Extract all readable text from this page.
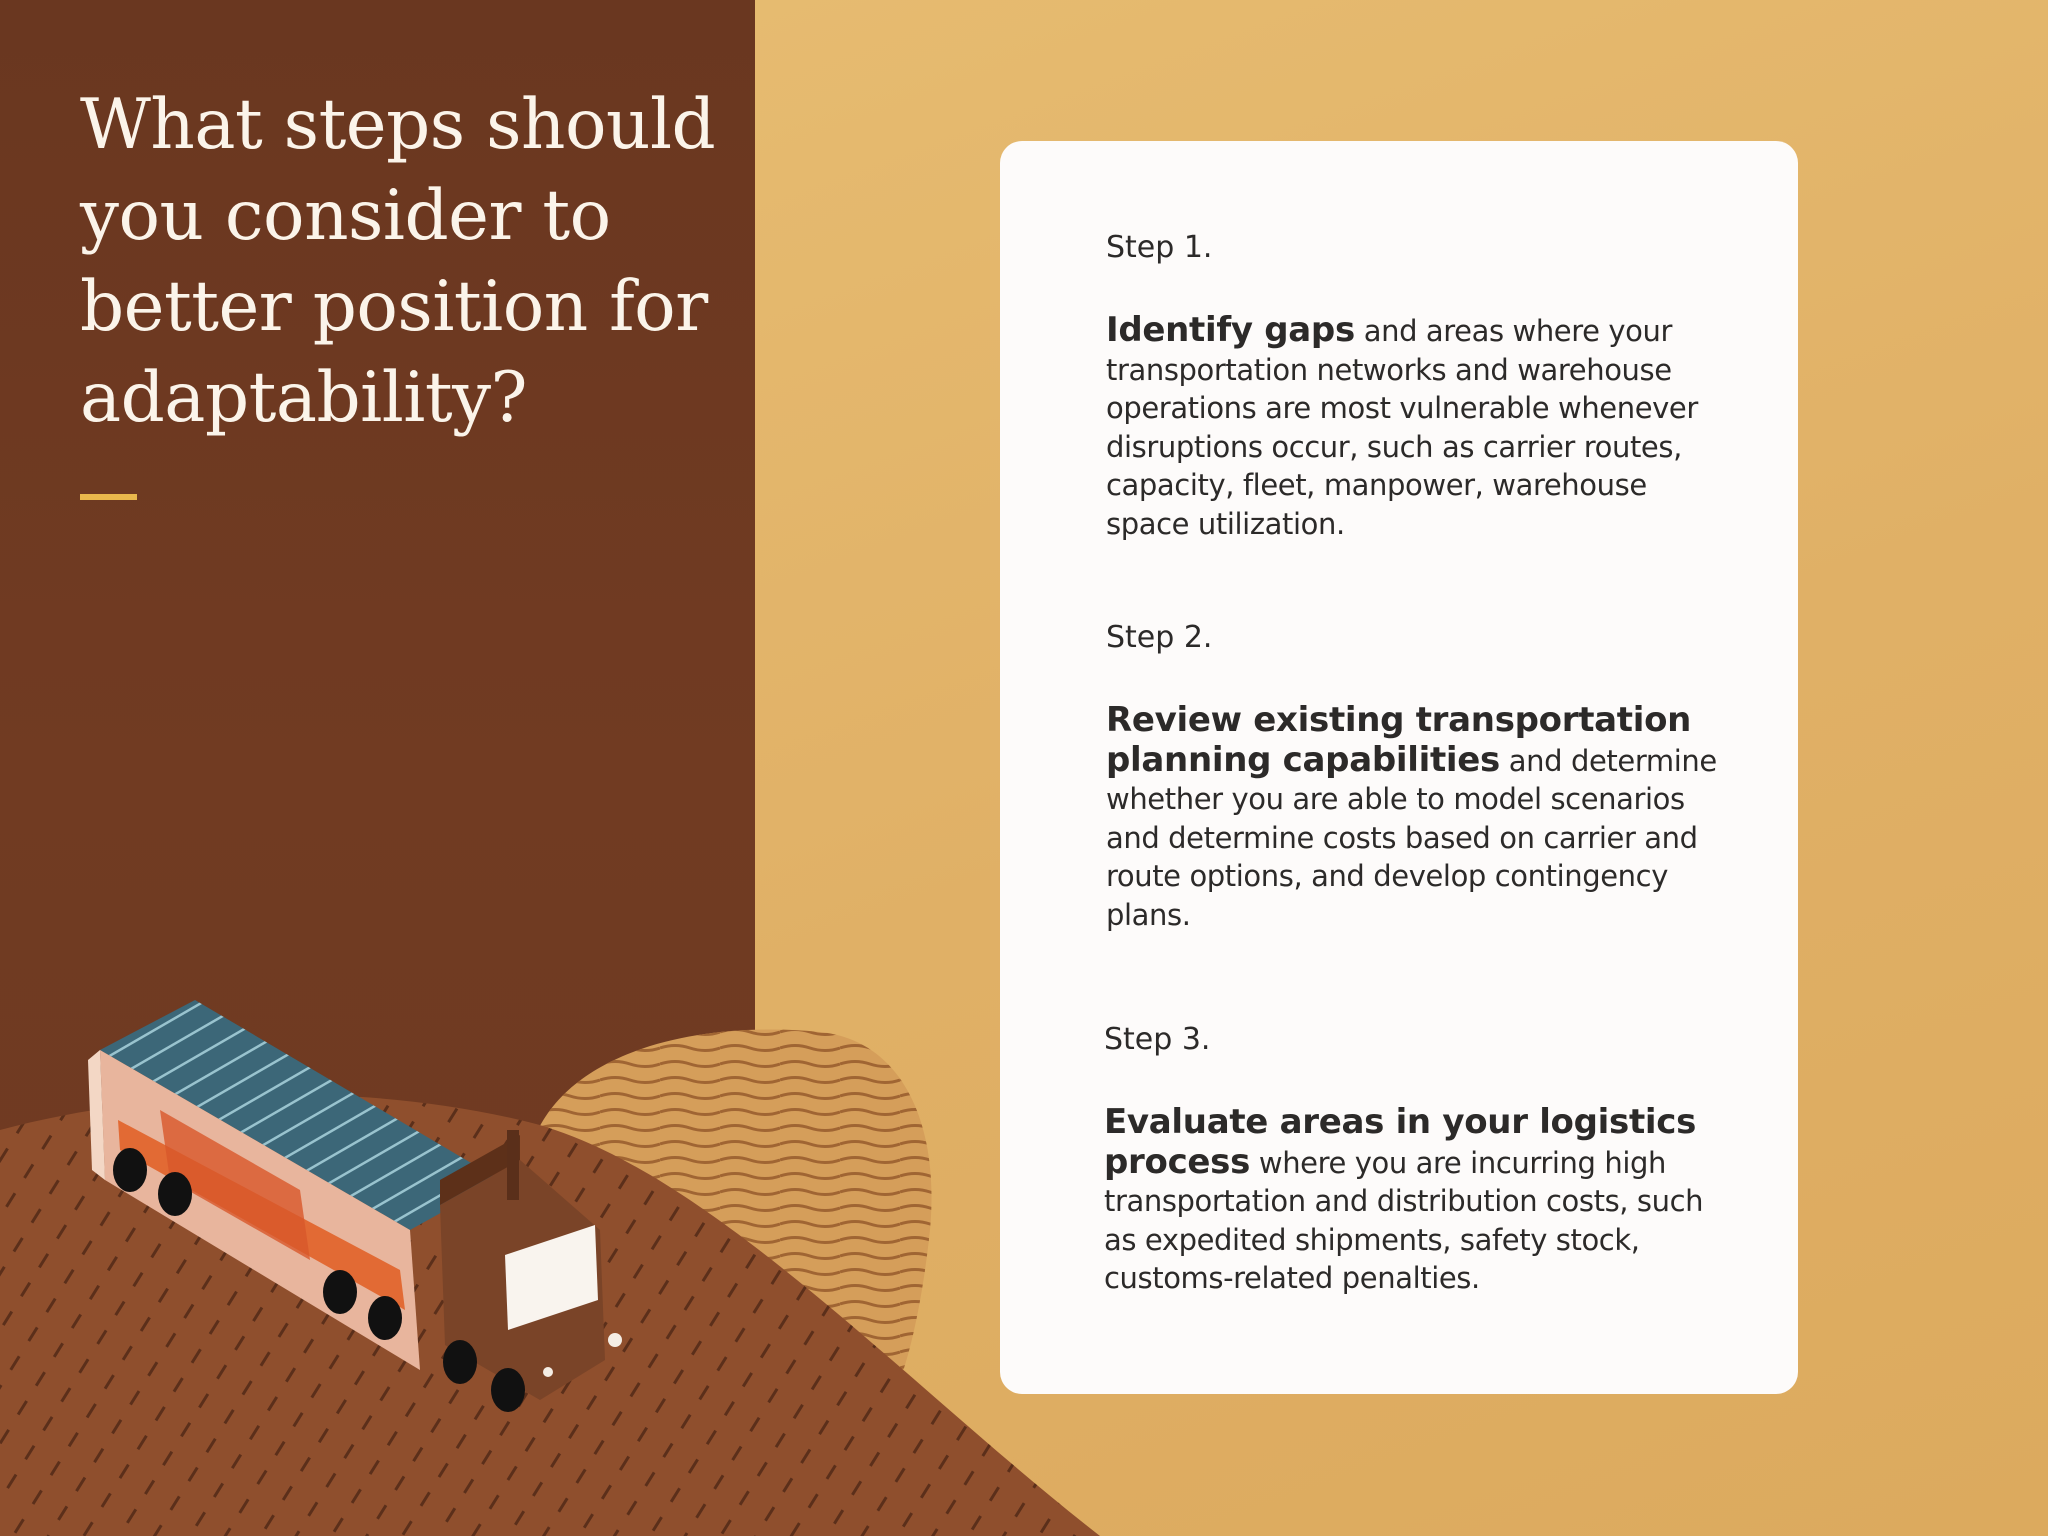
What steps should you consider to better position for adaptability?

Step 1.

Identify gaps and areas where your transportation networks and warehouse operations are most vulnerable whenever disruptions occur, such as carrier routes, capacity, fleet, manpower, warehouse space utilization.

Step 2.

Review existing transportation planning capabilities and determine whether you are able to model scenarios and determine costs based on carrier and route options, and develop contingency plans.

Step 3.

Evaluate areas in your logistics process where you are incurring high transportation and distribution costs, such as expedited shipments, safety stock, customs-related penalties.
